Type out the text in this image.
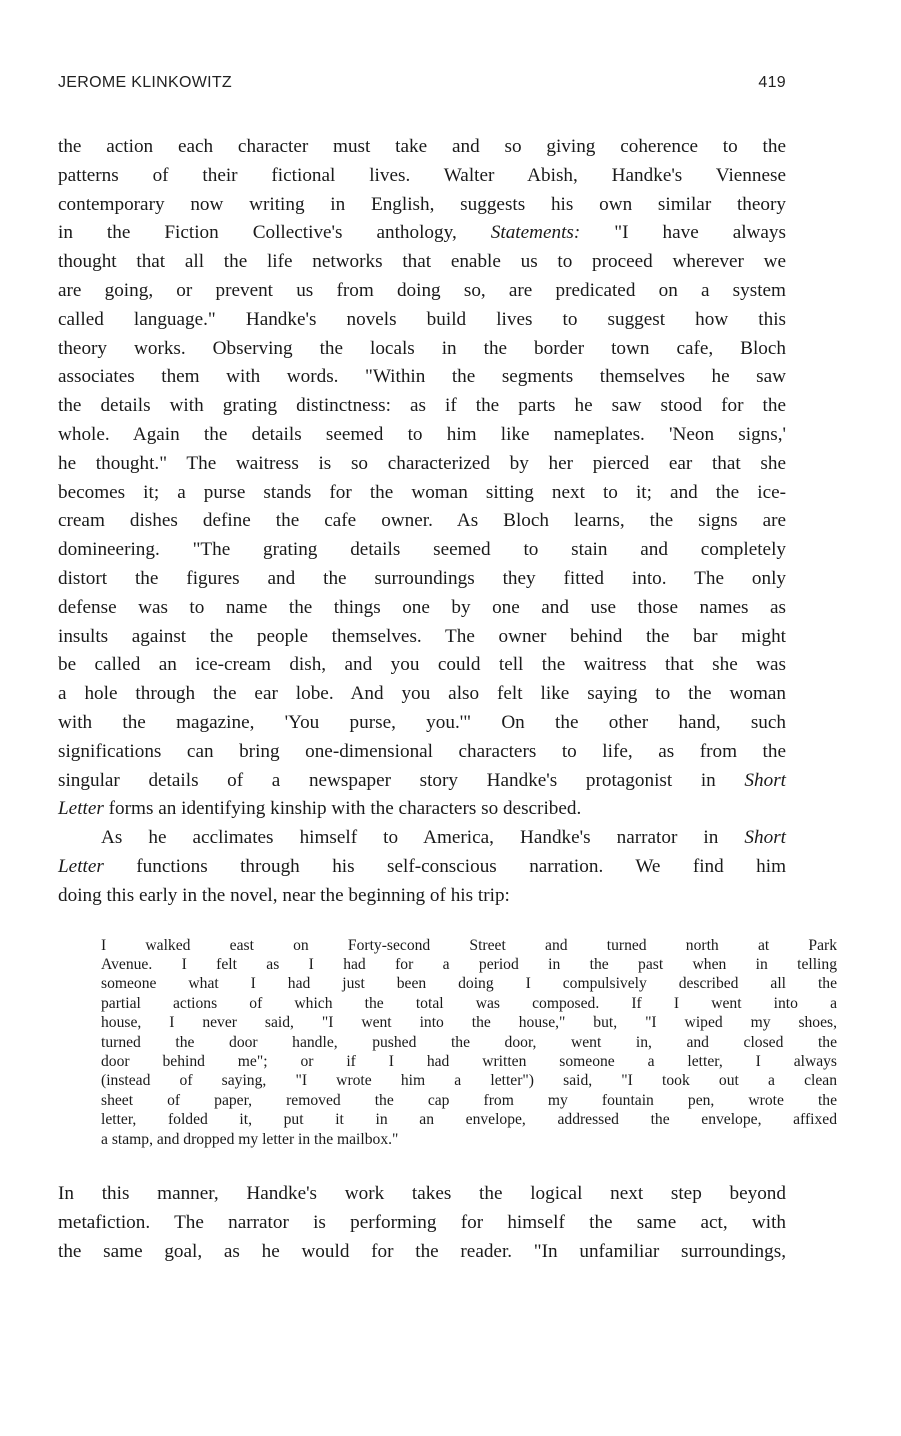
JEROME KLINKOWITZ	419

the action each character must take and so giving coherence to the
patterns of their fictional lives. Walter Abish, Handke's Viennese
contemporary now writing in English, suggests his own similar theory
in the Fiction Collective's anthology, Statements: "I have always
thought that all the life networks that enable us to proceed wherever we
are going, or prevent us from doing so, are predicated on a system
called language." Handke's novels build lives to suggest how this
theory works. Observing the locals in the border town cafe, Bloch
associates them with words. "Within the segments themselves he saw
the details with grating distinctness: as if the parts he saw stood for the
whole. Again the details seemed to him like nameplates. 'Neon signs,'
he thought." The waitress is so characterized by her pierced ear that she
becomes it; a purse stands for the woman sitting next to it; and the ice-
cream dishes define the cafe owner. As Bloch learns, the signs are
domineering. "The grating details seemed to stain and completely
distort the figures and the surroundings they fitted into. The only
defense was to name the things one by one and use those names as
insults against the people themselves. The owner behind the bar might
be called an ice-cream dish, and you could tell the waitress that she was
a hole through the ear lobe. And you also felt like saying to the woman
with the magazine, 'You purse, you.'" On the other hand, such
significations can bring one-dimensional characters to life, as from the
singular details of a newspaper story Handke's protagonist in Short
Letter forms an identifying kinship with the characters so described.

As he acclimates himself to America, Handke's narrator in Short
Letter functions through his self-conscious narration. We find him
doing this early in the novel, near the beginning of his trip:

I walked east on Forty-second Street and turned north at Park
Avenue. I felt as I had for a period in the past when in telling
someone what I had just been doing I compulsively described all the
partial actions of which the total was composed. If I went into a
house, I never said, "I went into the house," but, "I wiped my shoes,
turned the door handle, pushed the door, went in, and closed the
door behind me"; or if I had written someone a letter, I always
(instead of saying, "I wrote him a letter") said, "I took out a clean
sheet of paper, removed the cap from my fountain pen, wrote the
letter, folded it, put it in an envelope, addressed the envelope, affixed
a stamp, and dropped my letter in the mailbox."

In this manner, Handke's work takes the logical next step beyond
metafiction. The narrator is performing for himself the same act, with
the same goal, as he would for the reader. "In unfamiliar surroundings,
